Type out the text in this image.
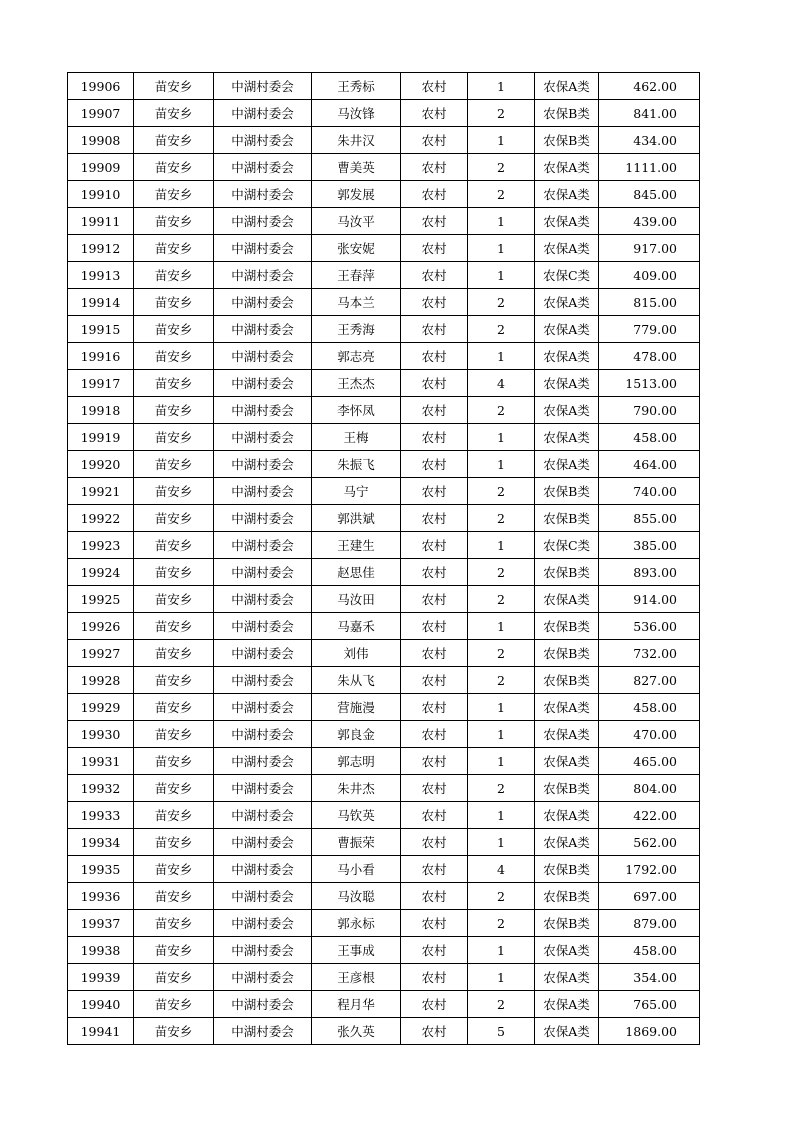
19906	苗安乡	中湖村委会	王秀标	农村	1	农保A类	462.00
19907	苗安乡	中湖村委会	马汝锋	农村	2	农保B类	841.00
19908	苗安乡	中湖村委会	朱井汉	农村	1	农保B类	434.00
19909	苗安乡	中湖村委会	曹美英	农村	2	农保A类	1111.00
19910	苗安乡	中湖村委会	郭发展	农村	2	农保A类	845.00
19911	苗安乡	中湖村委会	马汝平	农村	1	农保A类	439.00
19912	苗安乡	中湖村委会	张安妮	农村	1	农保A类	917.00
19913	苗安乡	中湖村委会	王春萍	农村	1	农保C类	409.00
19914	苗安乡	中湖村委会	马本兰	农村	2	农保A类	815.00
19915	苗安乡	中湖村委会	王秀海	农村	2	农保A类	779.00
19916	苗安乡	中湖村委会	郭志亮	农村	1	农保A类	478.00
19917	苗安乡	中湖村委会	王杰杰	农村	4	农保A类	1513.00
19918	苗安乡	中湖村委会	李怀凤	农村	2	农保A类	790.00
19919	苗安乡	中湖村委会	王梅	农村	1	农保A类	458.00
19920	苗安乡	中湖村委会	朱振飞	农村	1	农保A类	464.00
19921	苗安乡	中湖村委会	马宁	农村	2	农保B类	740.00
19922	苗安乡	中湖村委会	郭洪斌	农村	2	农保B类	855.00
19923	苗安乡	中湖村委会	王建生	农村	1	农保C类	385.00
19924	苗安乡	中湖村委会	赵思佳	农村	2	农保B类	893.00
19925	苗安乡	中湖村委会	马汝田	农村	2	农保A类	914.00
19926	苗安乡	中湖村委会	马嘉禾	农村	1	农保B类	536.00
19927	苗安乡	中湖村委会	刘伟	农村	2	农保B类	732.00
19928	苗安乡	中湖村委会	朱从飞	农村	2	农保B类	827.00
19929	苗安乡	中湖村委会	营施漫	农村	1	农保A类	458.00
19930	苗安乡	中湖村委会	郭良金	农村	1	农保A类	470.00
19931	苗安乡	中湖村委会	郭志明	农村	1	农保A类	465.00
19932	苗安乡	中湖村委会	朱井杰	农村	2	农保B类	804.00
19933	苗安乡	中湖村委会	马钦英	农村	1	农保A类	422.00
19934	苗安乡	中湖村委会	曹振荣	农村	1	农保A类	562.00
19935	苗安乡	中湖村委会	马小看	农村	4	农保B类	1792.00
19936	苗安乡	中湖村委会	马汝聪	农村	2	农保B类	697.00
19937	苗安乡	中湖村委会	郭永标	农村	2	农保B类	879.00
19938	苗安乡	中湖村委会	王事成	农村	1	农保A类	458.00
19939	苗安乡	中湖村委会	王彦根	农村	1	农保A类	354.00
19940	苗安乡	中湖村委会	程月华	农村	2	农保A类	765.00
19941	苗安乡	中湖村委会	张久英	农村	5	农保A类	1869.00
